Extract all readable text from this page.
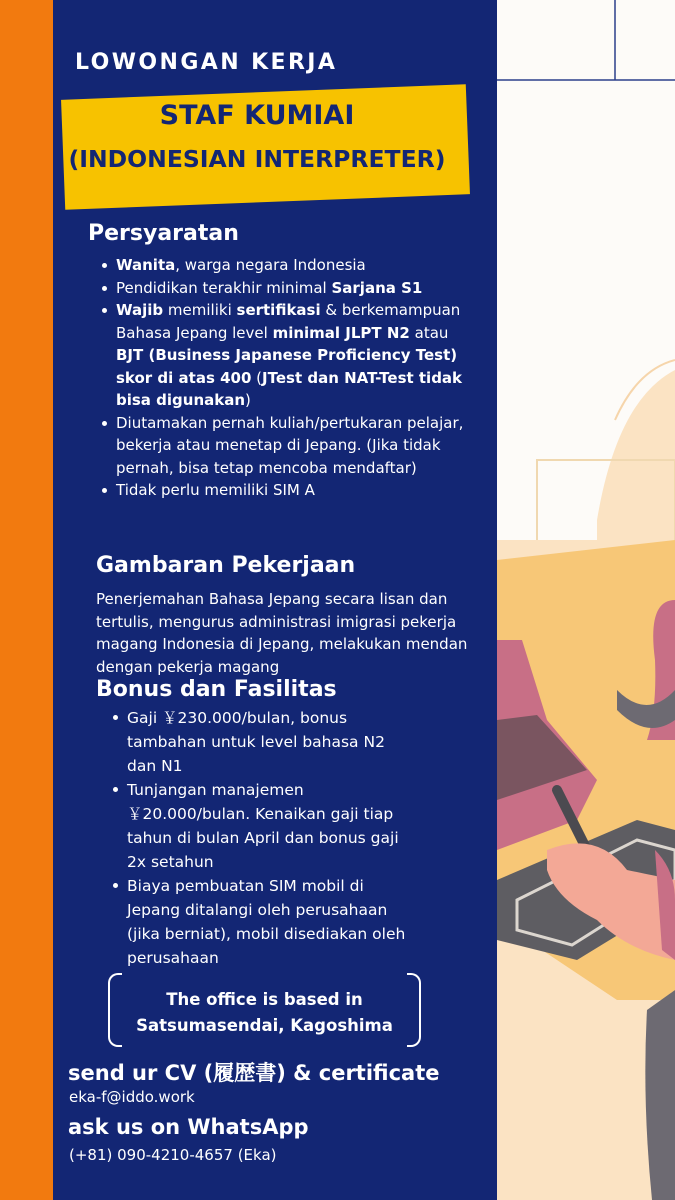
LOWONGAN KERJA
STAF KUMIAI
(INDONESIAN INTERPRETER)
Persyaratan
Wanita, warga negara Indonesia
Pendidikan terakhir minimal Sarjana S1
Wajib memiliki sertifikasi & berkemampuan Bahasa Jepang level minimal JLPT N2 atau BJT (Business Japanese Proficiency Test) skor di atas 400 (JTest dan NAT-Test tidak bisa digunakan)
Diutamakan pernah kuliah/pertukaran pelajar, bekerja atau menetap di Jepang. (Jika tidak pernah, bisa tetap mencoba mendaftar)
Tidak perlu memiliki SIM A
Gambaran Pekerjaan
Penerjemahan Bahasa Jepang secara lisan dan tertulis, mengurus administrasi imigrasi pekerja magang Indonesia di Jepang, melakukan mendan dengan pekerja magang
Bonus dan Fasilitas
Gaji ￥230.000/bulan, bonus tambahan untuk level bahasa N2 dan N1
Tunjangan manajemen ￥20.000/bulan. Kenaikan gaji tiap tahun di bulan April dan bonus gaji 2x setahun
Biaya pembuatan SIM mobil di Jepang ditalangi oleh perusahaan (jika berniat), mobil disediakan oleh perusahaan
The office is based in
Satsumasendai, Kagoshima
send ur CV (履歴書) & certificate
eka-f@iddo.work
ask us on WhatsApp
(+81) 090-4210-4657 (Eka)
